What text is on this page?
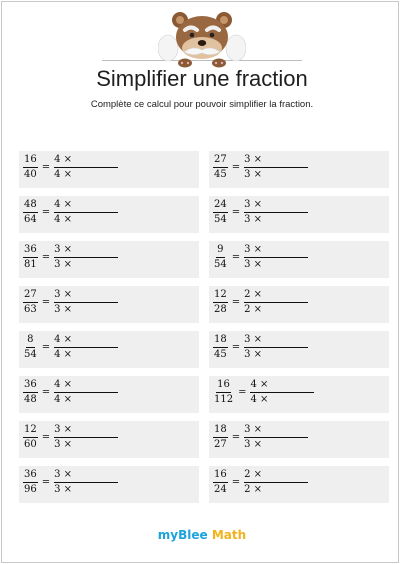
Simplifier une fraction
Complète ce calcul pour pouvoir simplifier la fraction.
$\frac{16}{40} = \frac{4 \times}{4 \times}$	$\frac{27}{45} = \frac{3 \times}{3 \times}$
$\frac{48}{64} = \frac{4 \times}{4 \times}$	$\frac{24}{54} = \frac{3 \times}{3 \times}$
$\frac{36}{81} = \frac{3 \times}{3 \times}$	$\frac{9}{54} = \frac{3 \times}{3 \times}$
$\frac{27}{63} = \frac{3 \times}{3 \times}$	$\frac{12}{28} = \frac{2 \times}{2 \times}$
$\frac{8}{54} = \frac{4 \times}{4 \times}$	$\frac{18}{45} = \frac{3 \times}{3 \times}$
$\frac{36}{48} = \frac{4 \times}{4 \times}$	$\frac{16}{112} = \frac{4 \times}{4 \times}$
$\frac{12}{60} = \frac{3 \times}{3 \times}$	$\frac{18}{27} = \frac{3 \times}{3 \times}$
$\frac{36}{96} = \frac{3 \times}{3 \times}$	$\frac{16}{24} = \frac{2 \times}{2 \times}$
myBlee Math
